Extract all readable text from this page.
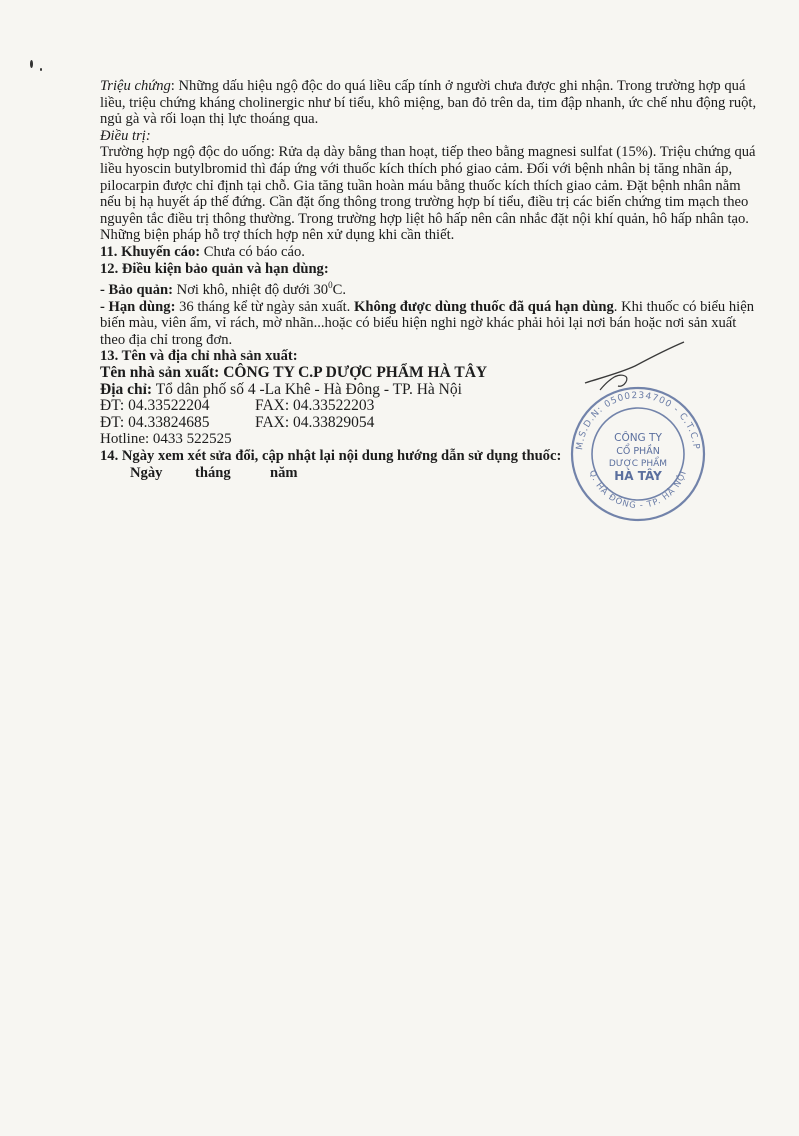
Triệu chứng: Những dấu hiệu ngộ độc do quá liều cấp tính ở người chưa được ghi nhận. Trong trường hợp quá liều, triệu chứng kháng cholinergic như bí tiểu, khô miệng, ban đỏ trên da, tim đập nhanh, ức chế nhu động ruột, ngủ gà và rối loạn thị lực thoáng qua.

Điều trị:

Trường hợp ngộ độc do uống: Rửa dạ dày bằng than hoạt, tiếp theo bằng magnesi sulfat (15%). Triệu chứng quá liều hyoscin butylbromid thì đáp ứng với thuốc kích thích phó giao cảm. Đối với bệnh nhân bị tăng nhãn áp, pilocarpin được chỉ định tại chỗ. Gia tăng tuần hoàn máu bằng thuốc kích thích giao cảm. Đặt bệnh nhân nằm nếu bị hạ huyết áp thế đứng. Cần đặt ống thông trong trường hợp bí tiểu, điều trị các biến chứng tim mạch theo nguyên tắc điều trị thông thường. Trong trường hợp liệt hô hấp nên cân nhắc đặt nội khí quản, hô hấp nhân tạo. Những biện pháp hỗ trợ thích hợp nên xử dụng khi cần thiết.

11. Khuyến cáo: Chưa có báo cáo.

12. Điều kiện bảo quản và hạn dùng:

- Bảo quản: Nơi khô, nhiệt độ dưới $30^0C$.

- Hạn dùng: 36 tháng kể từ ngày sản xuất. Không được dùng thuốc đã quá hạn dùng. Khi thuốc có biểu hiện biến màu, viên ẩm, vỉ rách, mờ nhãn...hoặc có biểu hiện nghi ngờ khác phải hỏi lại nơi bán hoặc nơi sản xuất theo địa chỉ trong đơn.

13. Tên và địa chỉ nhà sản xuất:

Tên nhà sản xuất: CÔNG TY C.P DƯỢC PHẨM HÀ TÂY

Địa chỉ: Tổ dân phố số 4 -La Khê - Hà Đông - TP. Hà Nội

ĐT: 04.33522204	FAX: 04.33522203

ĐT: 04.33824685	FAX: 04.33829054

Hotline: 0433 522525

14. Ngày xem xét sửa đổi, cập nhật lại nội dung hướng dẫn sử dụng thuốc:

Ngày tháng	năm

M.S.D.N: 0500234700 - C.T.C.P
Q. HÀ ĐÔNG - TP. HÀ NỘI
CÔNG TY
CỔ PHẦN
DƯỢC PHẨM
HÀ TÂY
